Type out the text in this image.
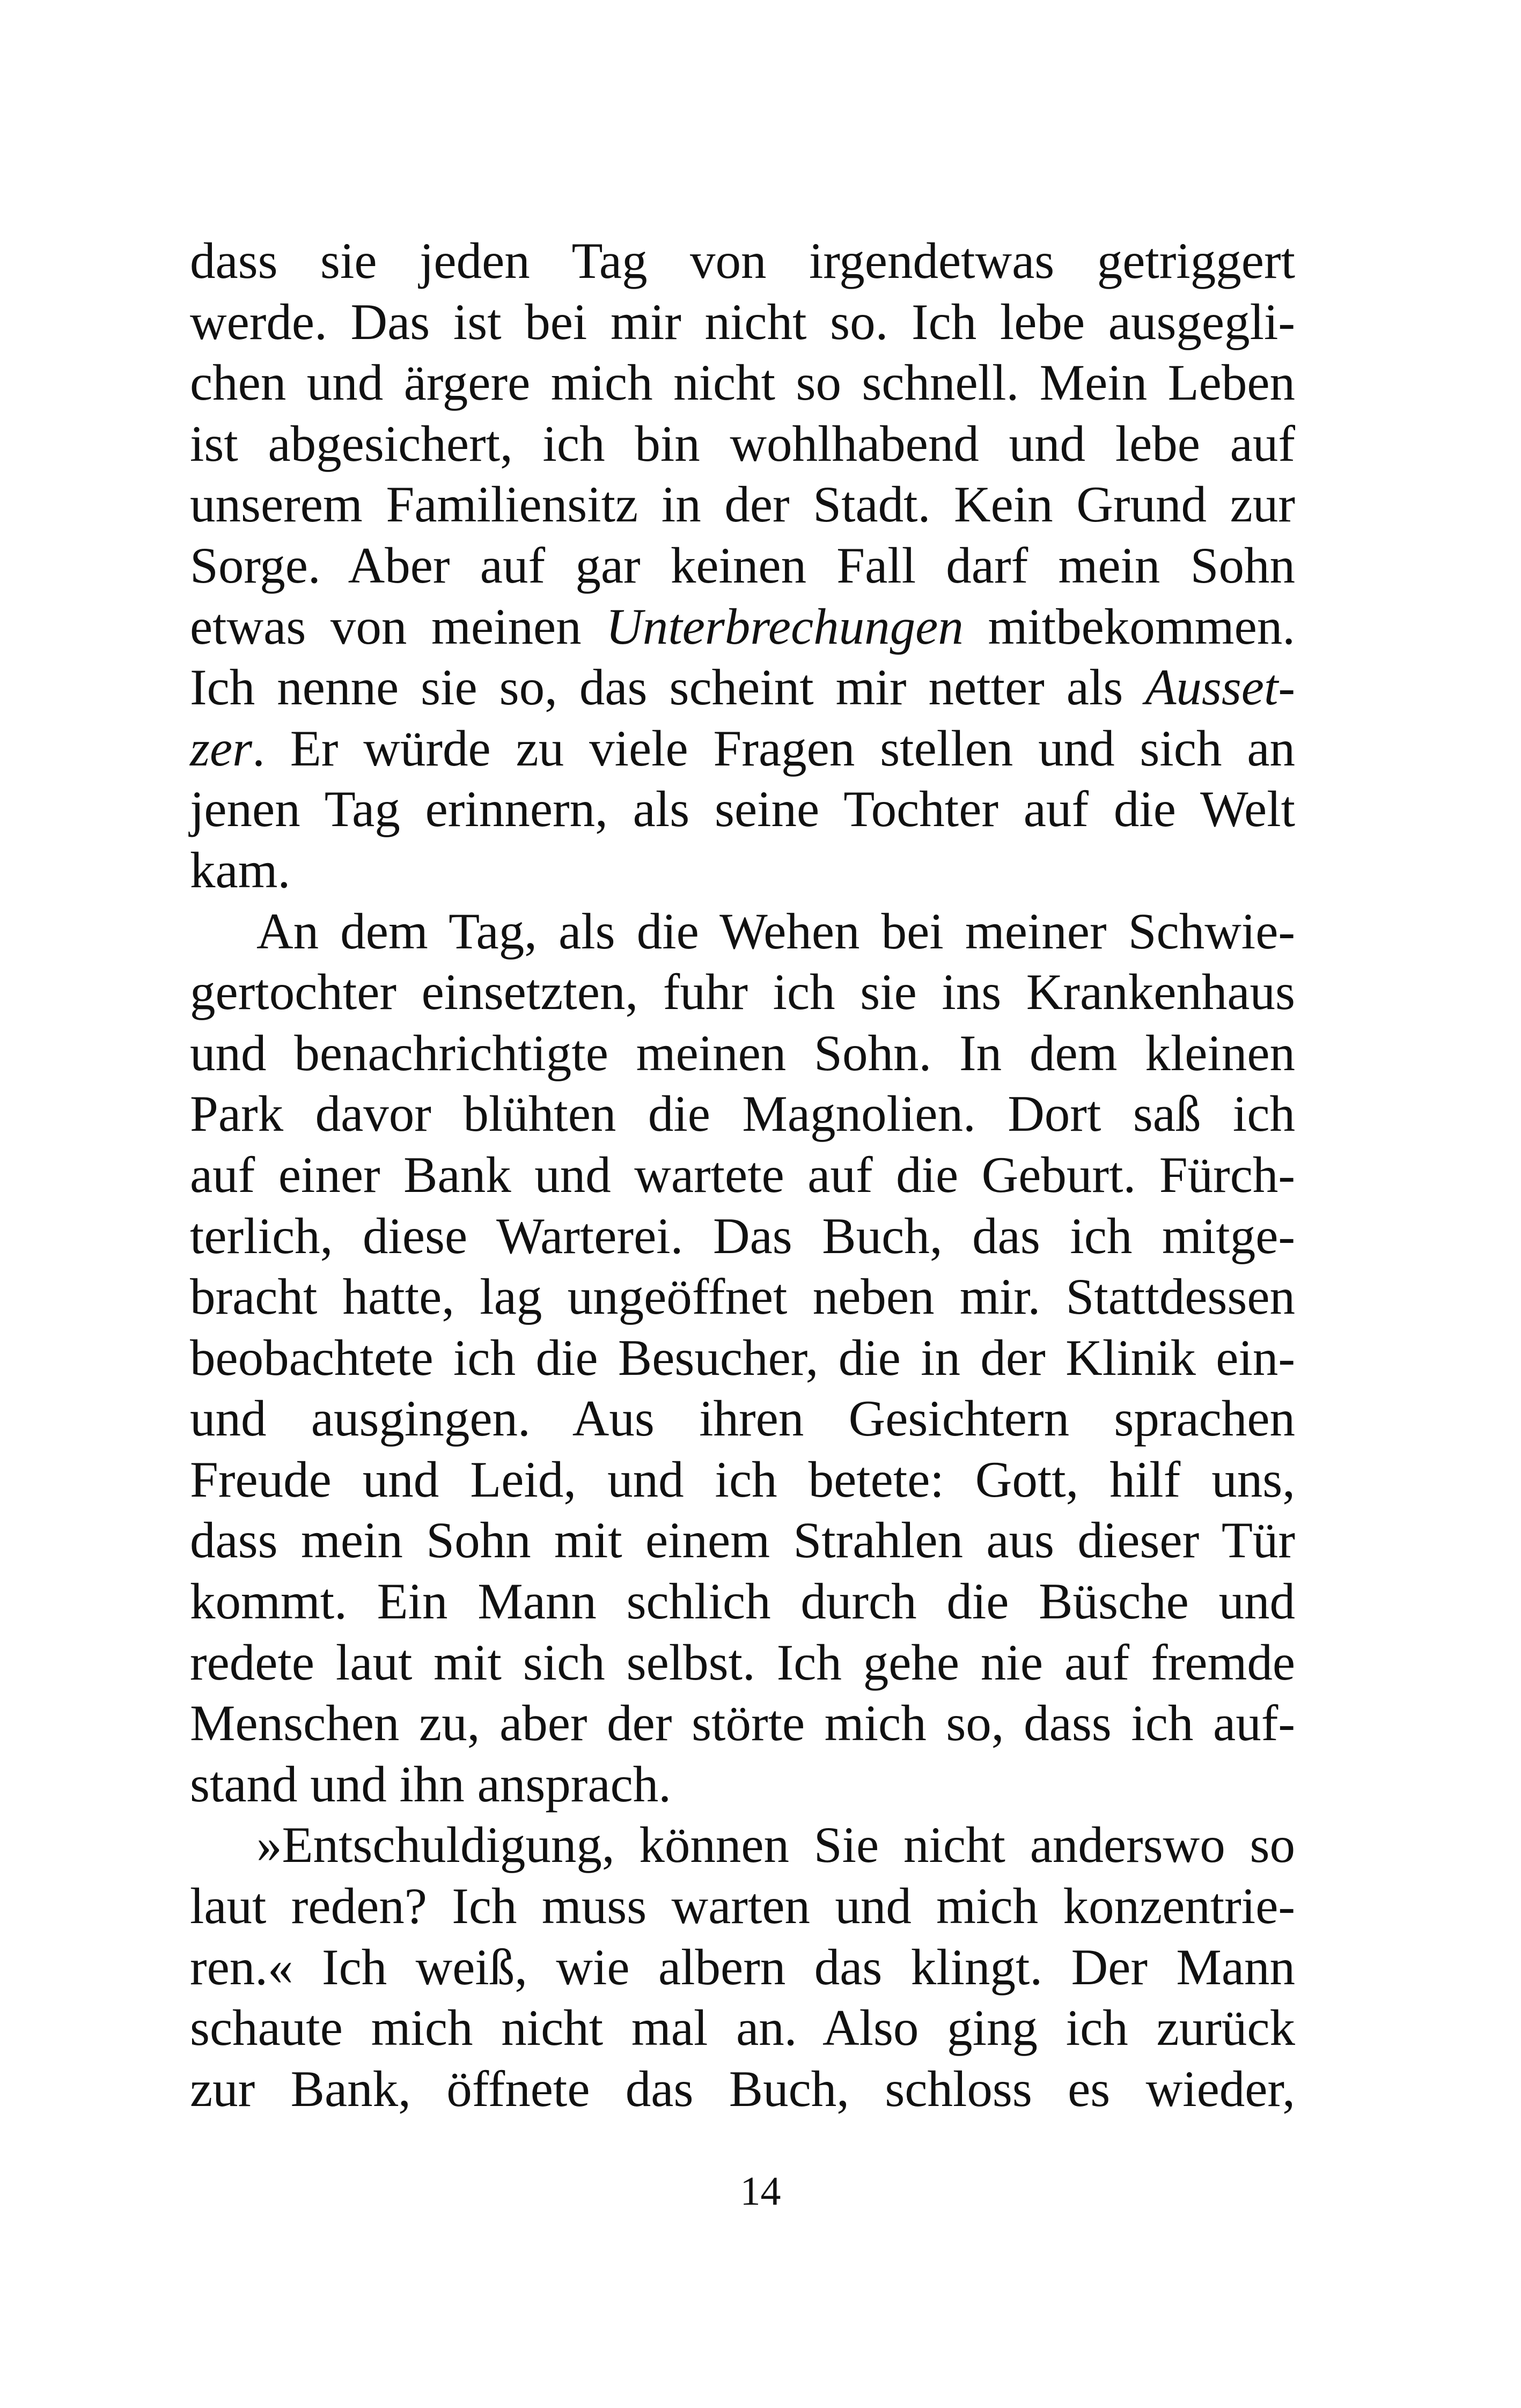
dass sie jeden Tag von irgendetwas getriggert
werde. Das ist bei mir nicht so. Ich lebe ausgegli-
chen und ärgere mich nicht so schnell. Mein Leben
ist abgesichert, ich bin wohlhabend und lebe auf
unserem Familiensitz in der Stadt. Kein Grund zur
Sorge. Aber auf gar keinen Fall darf mein Sohn
etwas von meinen Unterbrechungen mitbekommen.
Ich nenne sie so, das scheint mir netter als Ausset-
zer. Er würde zu viele Fragen stellen und sich an
jenen Tag erinnern, als seine Tochter auf die Welt
kam.
An dem Tag, als die Wehen bei meiner Schwie-
gertochter einsetzten, fuhr ich sie ins Krankenhaus
und benachrichtigte meinen Sohn. In dem kleinen
Park davor blühten die Magnolien. Dort saß ich
auf einer Bank und wartete auf die Geburt. Fürch-
terlich, diese Warterei. Das Buch, das ich mitge-
bracht hatte, lag ungeöffnet neben mir. Stattdessen
beobachtete ich die Besucher, die in der Klinik ein-
und ausgingen. Aus ihren Gesichtern sprachen
Freude und Leid, und ich betete: Gott, hilf uns,
dass mein Sohn mit einem Strahlen aus dieser Tür
kommt. Ein Mann schlich durch die Büsche und
redete laut mit sich selbst. Ich gehe nie auf fremde
Menschen zu, aber der störte mich so, dass ich auf-
stand und ihn ansprach.
»Entschuldigung, können Sie nicht anderswo so
laut reden? Ich muss warten und mich konzentrie-
ren.« Ich weiß, wie albern das klingt. Der Mann
schaute mich nicht mal an. Also ging ich zurück
zur Bank, öffnete das Buch, schloss es wieder,
14
